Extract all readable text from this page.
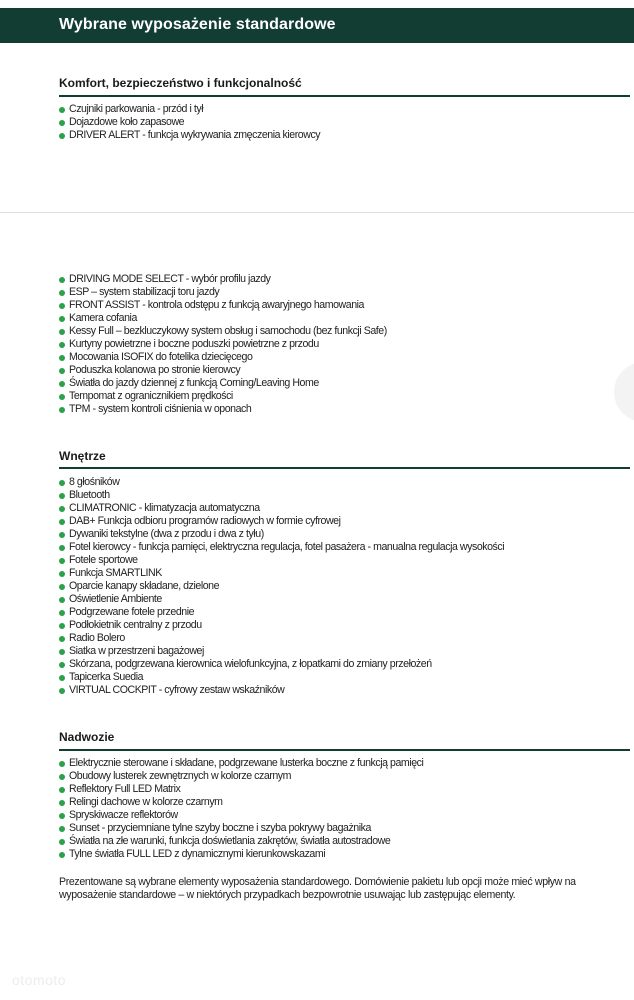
Wybrane wyposażenie standardowe
Komfort, bezpieczeństwo i funkcjonalność
Czujniki parkowania - przód i tył
Dojazdowe koło zapasowe
DRIVER ALERT - funkcja wykrywania zmęczenia kierowcy
DRIVING MODE SELECT - wybór profilu jazdy
ESP – system stabilizacji toru jazdy
FRONT ASSIST - kontrola odstępu z funkcją awaryjnego hamowania
Kamera cofania
Kessy Full – bezkluczykowy system obsług i samochodu (bez funkcji Safe)
Kurtyny powietrzne i boczne poduszki powietrzne z przodu
Mocowania ISOFIX do fotelika dziecięcego
Poduszka kolanowa po stronie kierowcy
Światła do jazdy dziennej z funkcją Corning/Leaving Home
Tempomat z ogranicznikiem prędkości
TPM - system kontroli ciśnienia w oponach
Wnętrze
8 głośników
Bluetooth
CLIMATRONIC - klimatyzacja automatyczna
DAB+ Funkcja odbioru programów radiowych w formie cyfrowej
Dywaniki tekstylne (dwa z przodu i dwa z tyłu)
Fotel kierowcy - funkcja pamięci, elektryczna regulacja, fotel pasażera - manualna regulacja wysokości
Fotele sportowe
Funkcja SMARTLINK
Oparcie kanapy składane, dzielone
Oświetlenie Ambiente
Podgrzewane fotele przednie
Podłokietnik centralny z przodu
Radio Bolero
Siatka w przestrzeni bagażowej
Skórzana, podgrzewana kierownica wielofunkcyjna, z łopatkami do zmiany przełożeń
Tapicerka Suedia
VIRTUAL COCKPIT - cyfrowy zestaw wskaźników
Nadwozie
Elektrycznie sterowane i składane, podgrzewane lusterka boczne z funkcją pamięci
Obudowy lusterek zewnętrznych w kolorze czarnym
Reflektory Full LED Matrix
Relingi dachowe w kolorze czarnym
Spryskiwacze reflektorów
Sunset - przyciemniane tylne szyby boczne i szyba pokrywy bagażnika
Światła na złe warunki, funkcja doświetlania zakrętów, światła autostradowe
Tylne światła FULL LED z dynamicznymi kierunkowskazami
Prezentowane są wybrane elementy wyposażenia standardowego. Domówienie pakietu lub opcji może mieć wpływ na wyposażenie standardowe – w niektórych przypadkach bezpowrotnie usuwając lub zastępując elementy.
otomoto
